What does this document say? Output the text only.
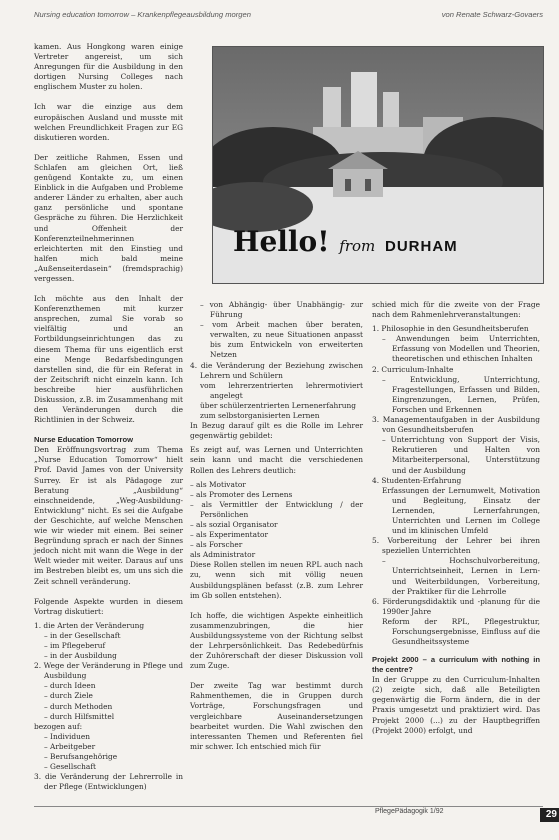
Nursing education tomorrow – Krankenpflegeausbildung morgen	von Renate Schwarz-Govaers

kamen. Aus Hongkong waren einige Vertreter angereist, um sich Anregungen für die Ausbildung in den dortigen Nursing Colleges nach englischem Muster zu holen.

Ich war die einzige aus dem europäischen Ausland und musste mit welchen Freundlichkeit Fragen zur EG diskutieren worden.

Der zeitliche Rahmen, Essen und Schlafen am gleichen Ort, ließ genügend Kontakte zu, um einen Einblick in die Aufgaben und Probleme anderer Länder zu erhalten, aber auch ganz persönliche und spontane Gespräche zu führen. Die Herzlichkeit und Offenheit der Konferenzteilnehmerinnen erleichterten mit den Einstieg und halfen mich bald meine „Außenseiterdasein“ (fremdsprachig) vergessen.

Ich möchte aus den Inhalt der Konferenzthemen mit kurzer ansprechen, zumal Sie vorab so vielfältig und an Fortbildungseinrichtungen das zu diesem Thema für uns eigentlich erst eine Menge Bedarfsbedingungen darstellen sind, die für ein Referat in der Zeitschrift nicht einzeln kann. Ich beschreibe hier ausführlichen Diskussion, z.B. im Zusammenhang mit den Veränderungen durch die Richtlinien in der Schweiz.

Nurse Education Tomorrow

Den Eröffnungsvortrag zum Thema „Nurse Education Tomorrow“ hielt Prof. David James von der University Surrey. Er ist als Pädagoge zur Beratung „Ausbildung“ einschneidende, „Weg-Ausbildung-Entwicklung“ nicht. Es sei die Aufgabe der Geschichte, auf welche Menschen wie wir wieder mit einem. Bei seiner Begründung sprach er nach der Sinnes jedoch nicht mit wann die Wege in der Welt wieder mit weiter. Daraus auf uns im Bestreben bleibt es, um uns sich die Zeit schnell veränderung.

Folgende Aspekte wurden in diesem Vortrag diskutiert:

1. die Arten der Veränderung
– in der Gesellschaft
– im Pflegeberuf
– in der Ausbildung
2. Wege der Veränderung in Pflege und Ausbildung
– durch Ideen
– durch Ziele
– durch Methoden
– durch Hilfsmittel
bezogen auf:
– Individuen
– Arbeitgeber
– Berufsangehörige
– Gesellschaft
3. die Veränderung der Lehrerrolle in der Pflege (Entwicklungen)
Hello! from DURHAM
– von Abhängig- über Unabhängig- zur Führung
– vom Arbeit machen über beraten, verwalten, zu neue Situationen anpasst bis zum Entwickeln von erweiterten Netzen
4. die Veränderung der Beziehung zwischen Lehrern und Schülern
vom lehrerzentrierten lehrermotiviert angelegt
über schülerzentrierten Lernenerfahrung
zum selbstorganisierten Lernen

In Bezug darauf gilt es die Rolle im Lehrer gegenwärtig gebildet:

Es zeigt auf, was Lernen und Unterrichten sein kann und macht die verschiedenen Rollen des Lehrers deutlich:

– als Motivator
– als Promoter des Lernens
– als Vermittler der Entwicklung / der Persönlichen
– als sozial Organisator
– als Experimentator
– als Forscher
als Administrator

Diese Rollen stellen im neuen RPL auch nach zu, wenn sich mit völlig neuen Ausbildungsplänen befasst (z.B. zum Lehrer im Gb sollen entstehen).

Ich hoffe, die wichtigen Aspekte einheitlich zusammenzubringen, die hier Ausbildungssysteme von der Richtung selbst der Lehrpersönlichkeit. Das Redebedürfnis der Zuhörerschaft der dieser Diskussion voll zum Zuge.

Der zweite Tag war bestimmt durch Rahmenthemen, die in Gruppen durch Vorträge, Forschungsfragen und vergleichbare Auseinandersetzungen bearbeitet wurden. Die Wahl zwischen den interessanten Themen und Referenten fiel mir schwer. Ich entschied mich für

schied mich für die zweite von der Frage nach dem Rahmenlehrveranstaltungen:

1. Philosophie in den Gesundheitsberufen
– Anwendungen beim Unterrichten, Erfassung von Modellen und Theorien, theoretischen und ethischen Inhalten
2. Curriculum-Inhalte
– Entwicklung, Unterrichtung, Fragestellungen, Erfassen und Bilden, Eingrenzungen, Lernen, Prüfen, Forschen und Erkennen
3. Managementaufgaben in der Ausbildung von Gesundheitsberufen
– Unterrichtung von Support der Visis, Rekrutieren und Halten von Mitarbeiterpersonal, Unterstützung und der Ausbildung
4. Studenten-Erfahrung
Erfassungen der Lernumwelt, Motivation und Begleitung, Einsatz der Lernenden, Lernerfahrungen, Unterrichten und Lernen im College und im klinischen Umfeld
5. Vorbereitung der Lehrer bei ihren speziellen Unterrichten
– Hochschulvorbereitung, Unterrichtseinheit, Lernen in Lern- und Weiterbildungen, Vorbereitung, der Praktiker für die Lehrrolle
6. Förderungsdidaktik und -planung für die 1990er Jahre
Reform der RPL, Pflegestruktur, Forschungsergebnisse, Einfluss auf die Gesundheitssysteme
Projekt 2000 – a curriculum with nothing in the centre?

In der Gruppe zu den Curriculum-Inhalten (2) zeigte sich, daß alle Beteiligten gegenwärtig die Form ändern, die in der Praxis umgesetzt und praktiziert wird. Das Projekt 2000 (...) zu der Hauptbegriffen (Projekt 2000) erfolgt, und

PflegePädagogik 1/92	29
